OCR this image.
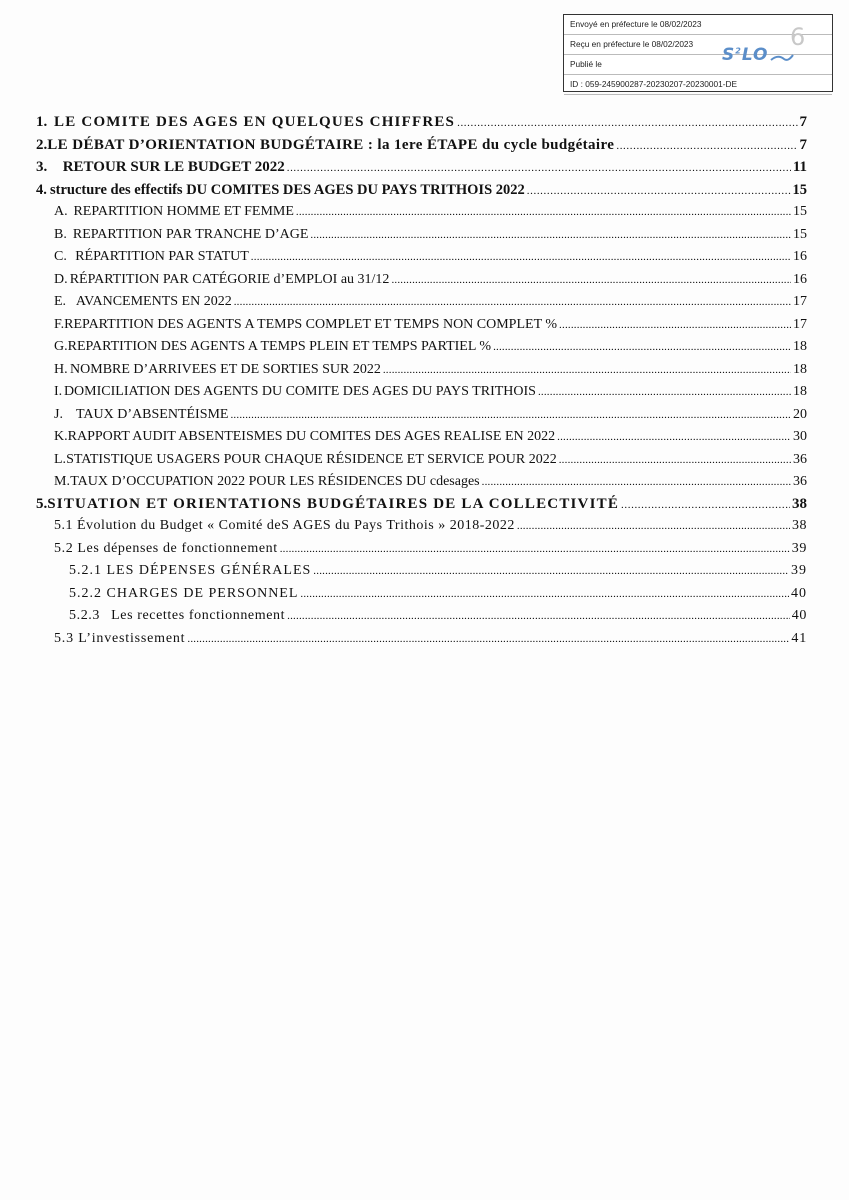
Envoyé en préfecture le 08/02/2023
Reçu en préfecture le 08/02/2023
Publié le
ID : 059-245900287-20230207-20230001-DE
$S^2LO$
6
1. LE COMITE DES AGES EN QUELQUES CHIFFRES .....	7
2. LE DÉBAT D’ORIENTATION BUDGÉTAIRE : la 1ere ÉTAPE du cycle budgétaire .....	7
3.	RETOUR SUR LE BUDGET 2022 .....	11
4. structure des effectifs DU COMITES DES AGES DU PAYS TRITHOIS 2022 .....	15
A. REPARTITION HOMME ET FEMME .....	15
B. REPARTITION PAR TRANCHE D’AGE .....	15
C. RÉPARTITION PAR STATUT .....	16
D. RÉPARTITION PAR CATÉGORIE d’EMPLOI au 31/12 .....	16
E. AVANCEMENTS EN 2022 .....	17
F. REPARTITION DES AGENTS A TEMPS COMPLET ET TEMPS NON COMPLET % .....	17
G. REPARTITION DES AGENTS A TEMPS PLEIN ET TEMPS PARTIEL % .....	18
H. NOMBRE D’ARRIVEES ET DE SORTIES SUR 2022 .....	18
I. DOMICILIATION DES AGENTS DU COMITE DES AGES DU PAYS TRITHOIS .....	18
J. TAUX D’ABSENTÉISME .....	20
K. RAPPORT AUDIT ABSENTEISMES DU COMITES DES AGES REALISE EN 2022 .....	30
L. STATISTIQUE USAGERS POUR CHAQUE RÉSIDENCE ET SERVICE POUR 2022 .....	36
M. TAUX D’OCCUPATION 2022 POUR LES RÉSIDENCES DU cdesages .....	36
5. SITUATION ET ORIENTATIONS BUDGÉTAIRES DE LA COLLECTIVITÉ .....	38
5.1 Évolution du Budget « Comité deS AGES du Pays Trithois » 2018-2022 .....	38
5.2 Les dépenses de fonctionnement .....	39
5.2.1 LES DÉPENSES GÉNÉRALES .....	39
5.2.2 CHARGES DE PERSONNEL .....	40
5.2.3 Les recettes fonctionnement .....	40
5.3 L’investissement .....	41
